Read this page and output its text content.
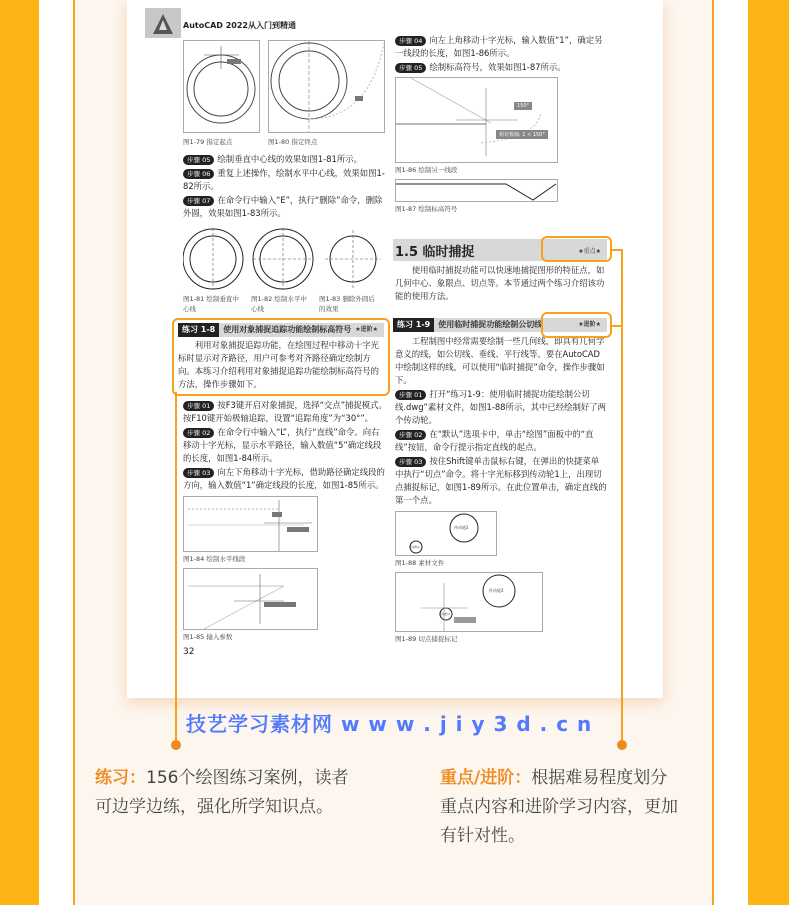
AutoCAD 2022从入门到精通
图1-79 指定起点	图1-80 指定终点
步骤 05 绘制垂直中心线的效果如图1-81所示。
步骤 06 重复上述操作，绘制水平中心线，效果如图1-82所示。
步骤 07 在命令行中输入“E”，执行“删除”命令，删除外圆，效果如图1-83所示。
图1-81 绘制垂直中心线
图1-82 绘制水平中心线
图1-83 删除外圆后的效果
练习 1-8	使用对象捕捉追踪功能绘制标高符号 ★进阶★
利用对象捕捉追踪功能，在绘图过程中移动十字光标时显示对齐路径，用户可参考对齐路径确定绘制方向。本练习介绍利用对象捕捉追踪功能绘制标高符号的方法，操作步骤如下。
步骤 01 按F3键开启对象捕捉，选择“交点”捕捉模式。按F10键开始极轴追踪，设置“追踪角度”为“30°”。
步骤 02 在命令行中输入“L”，执行“直线”命令。向右移动十字光标，显示水平路径，输入数值“5”确定线段的长度，如图1-84所示。
步骤 03 向左下角移动十字光标，借助路径确定线段的方向，输入数值“1”确定线段的长度，如图1-85所示。
图1-84 绘制水平线段
图1-85 输入参数
32
步骤 04 向左上角移动十字光标，输入数值“1”，确定另一线段的长度，如图1-86所示。
步骤 05 绘制标高符号，效果如图1-87所示。
150°
相对极轴: 1 < 150°
图1-86 绘制另一线段
图1-87 绘制标高符号
1.5 临时捕捉	★重点★
使用临时捕捉功能可以快速地捕捉图形的特征点，如几何中心、象限点、切点等。本节通过两个练习介绍该功能的使用方法。
练习 1-9	使用临时捕捉功能绘制公切线	★进阶★
工程制图中经常需要绘制一些几何线，即具有几何学意义的线，如公切线、垂线、平行线等。要在AutoCAD中绘制这样的线，可以使用“临时捕捉”命令，操作步骤如下。
步骤 01 打开“练习1-9：使用临时捕捉功能绘制公切线.dwg”素材文件，如图1-88所示，其中已经绘制好了两个传动轮。
步骤 02 在“默认”选项卡中，单击“绘图”面板中的“直线”按钮，命令行提示指定直线的起点。
步骤 03 按住Shift键单击鼠标右键，在弹出的快捷菜单中执行“切点”命令。将十字光标移到传动轮1上，出现切点捕捉标记，如图1-89所示。在此位置单击，确定直线的第一个点。
传动轮2
传动轮1
图1-88 素材文件
传动轮2
传动轮1
图1-89 切点捕捉标记
技艺学习素材网 w w w . j i y 3 d . c n
练习：156个绘图练习案例，读者可边学边练，强化所学知识点。
重点/进阶：根据难易程度划分重点内容和进阶学习内容，更加有针对性。
